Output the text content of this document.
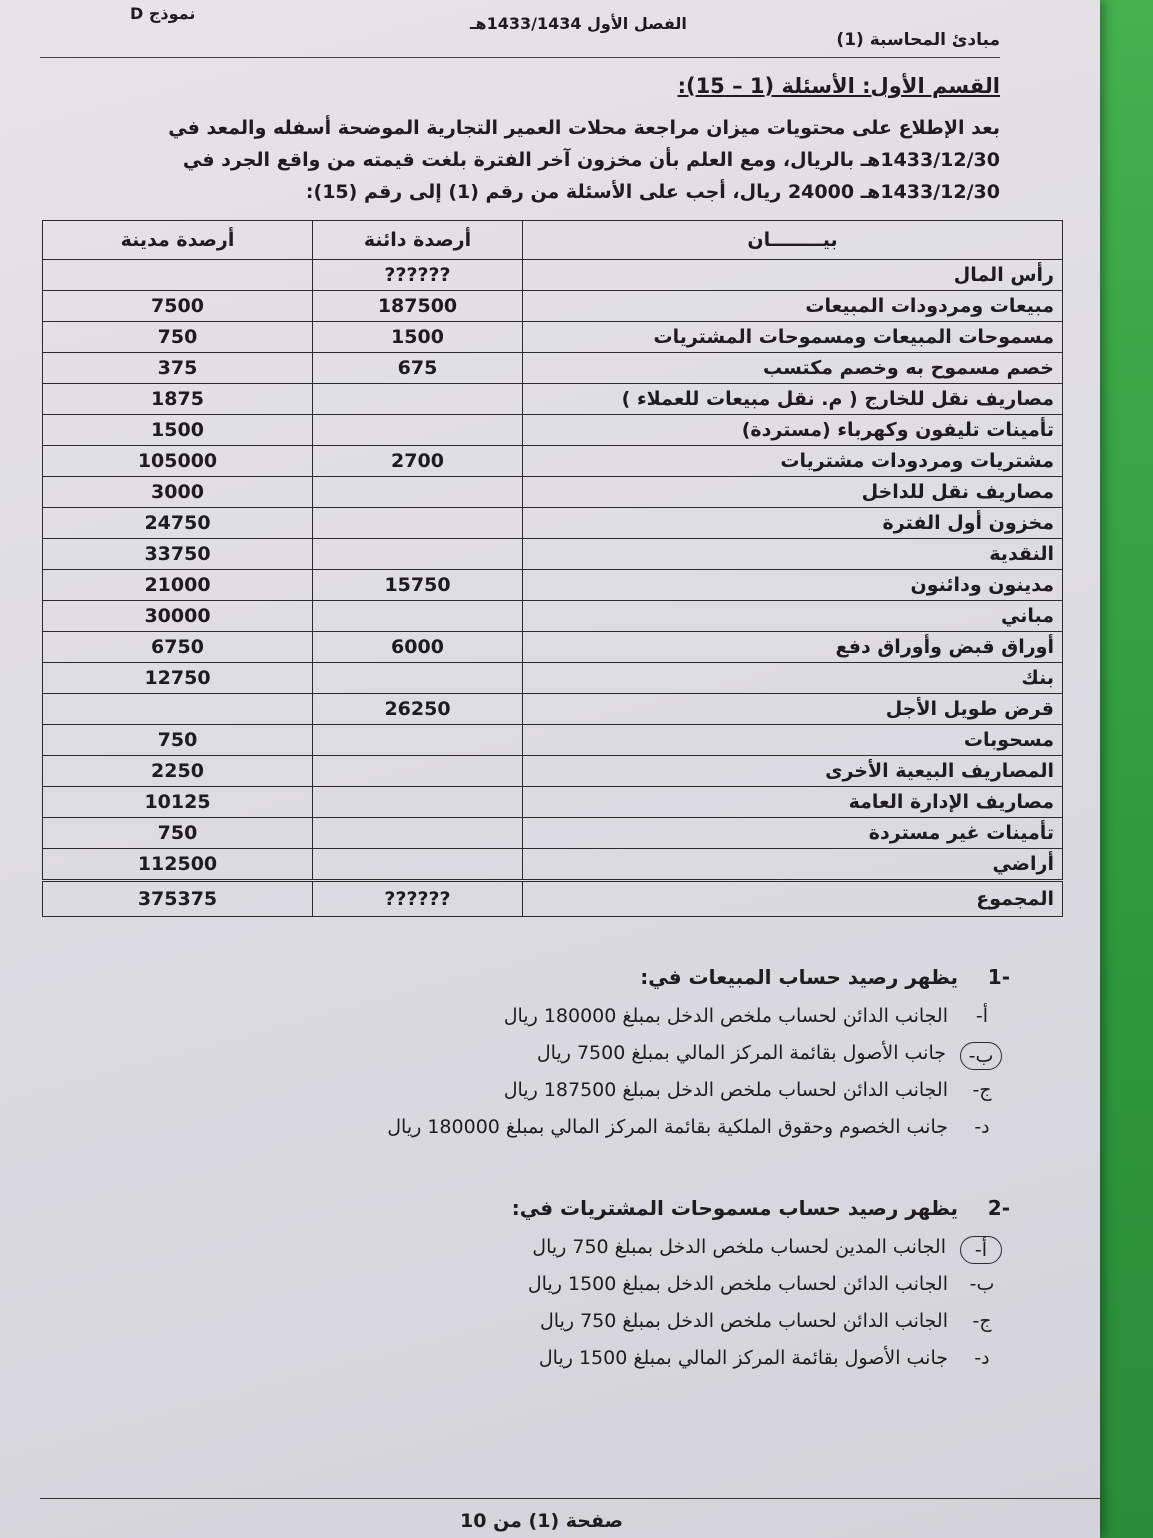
نموذج D
الفصل الأول 1433/1434هـ
مبادئ المحاسبة (1)
القسم الأول: الأسئلة (1 – 15):
بعد الإطلاع على محتويات ميزان مراجعة محلات العمير التجارية الموضحة أسفله والمعد في
1433/12/30هـ بالريال، ومع العلم بأن مخزون آخر الفترة بلغت قيمته من واقع الجرد في
1433/12/30هـ 24000 ريال، أجب على الأسئلة من رقم (1) إلى رقم (15):
بيــــــــان	أرصدة دائنة	أرصدة مدينة
رأس المال	??????	
مبيعات ومردودات المبيعات	187500	7500
مسموحات المبيعات ومسموحات المشتريات	1500	750
خصم مسموح به وخصم مكتسب	675	375
مصاريف نقل للخارج ( م. نقل مبيعات للعملاء )		1875
تأمينات تليفون وكهرباء (مستردة)		1500
مشتريات ومردودات مشتريات	2700	105000
مصاريف نقل للداخل		3000
مخزون أول الفترة		24750
النقدية		33750
مدينون ودائنون	15750	21000
مباني		30000
أوراق قبض وأوراق دفع	6000	6750
بنك		12750
قرض طويل الأجل	26250	
مسحوبات		750
المصاريف البيعية الأخرى		2250
مصاريف الإدارة العامة		10125
تأمينات غير مستردة		750
أراضي		112500
المجموع	??????	375375
-1
يظهر رصيد حساب المبيعات في:
أ-
الجانب الدائن لحساب ملخص الدخل بمبلغ 180000 ريال
ب-
جانب الأصول بقائمة المركز المالي بمبلغ 7500 ريال
ج-
الجانب الدائن لحساب ملخص الدخل بمبلغ 187500 ريال
د-
جانب الخصوم وحقوق الملكية بقائمة المركز المالي بمبلغ 180000 ريال
-2
يظهر رصيد حساب مسموحات المشتريات في:
أ-
الجانب المدين لحساب ملخص الدخل بمبلغ 750 ريال
ب-
الجانب الدائن لحساب ملخص الدخل بمبلغ 1500 ريال
ج-
الجانب الدائن لحساب ملخص الدخل بمبلغ 750 ريال
د-
جانب الأصول بقائمة المركز المالي بمبلغ 1500 ريال
صفحة (1) من 10
